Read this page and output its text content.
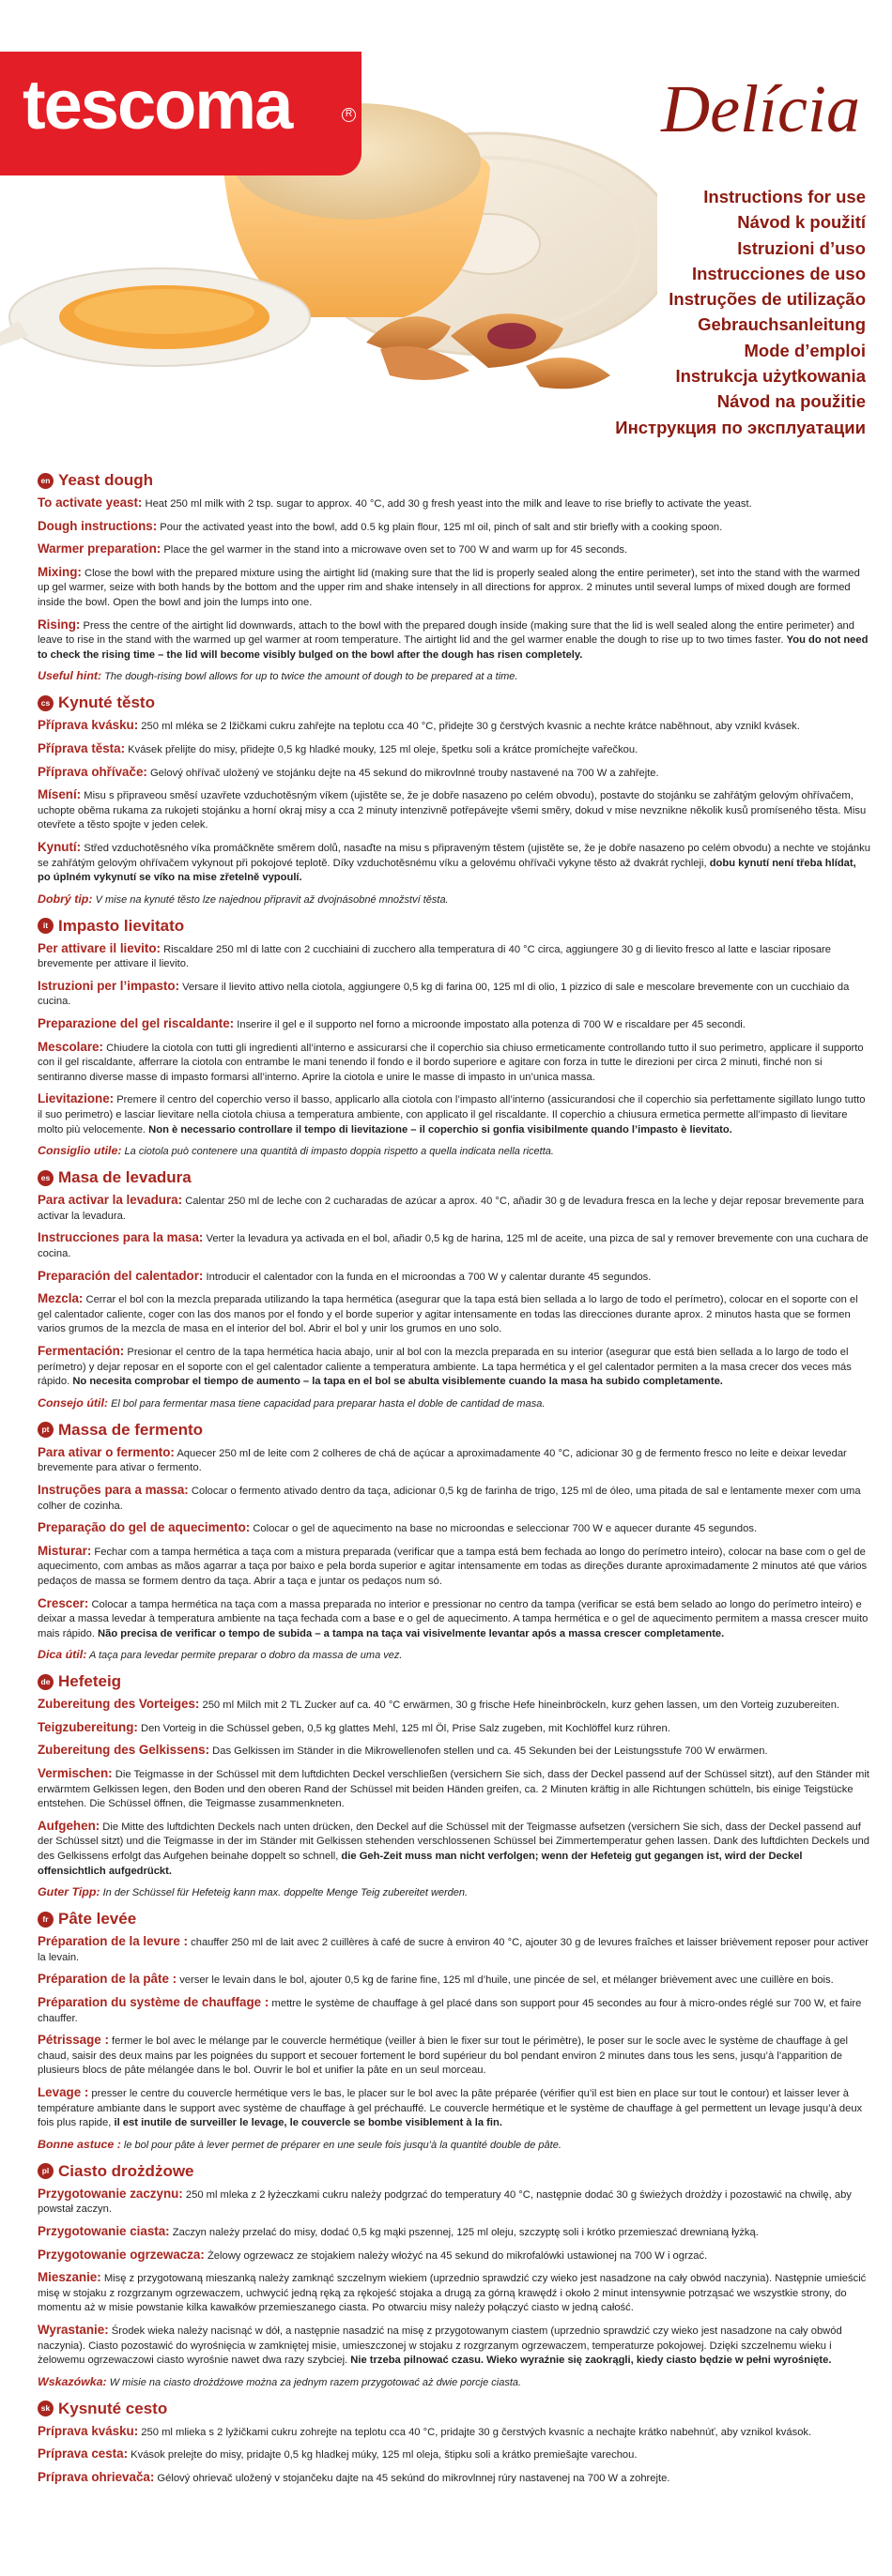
tescoma	R	Delícia
Instructions for use
Návod k použití
Istruzioni d’uso
Instrucciones de uso
Instruções de utilização
Gebrauchsanleitung
Mode d’emploi
Instrukcja użytkowania
Návod na použitie
Инструкция по эксплуатации
en Yeast dough
To activate yeast: Heat 250 ml milk with 2 tsp. sugar to approx. 40 °C, add 30 g fresh yeast into the milk and leave to rise briefly to activate the yeast.
Dough instructions: Pour the activated yeast into the bowl, add 0.5 kg plain flour, 125 ml oil, pinch of salt and stir briefly with a cooking spoon.
Warmer preparation: Place the gel warmer in the stand into a microwave oven set to 700 W and warm up for 45 seconds.
Mixing: Close the bowl with the prepared mixture using the airtight lid (making sure that the lid is properly sealed along the entire perimeter), set into the stand with the warmed up gel warmer, seize with both hands by the bottom and the upper rim and shake intensely in all directions for approx. 2 minutes until several lumps of mixed dough are formed inside the bowl. Open the bowl and join the lumps into one.
Rising: Press the centre of the airtight lid downwards, attach to the bowl with the prepared dough inside (making sure that the lid is well sealed along the entire perimeter) and leave to rise in the stand with the warmed up gel warmer at room temperature. The airtight lid and the gel warmer enable the dough to rise up to two times faster. You do not need to check the rising time – the lid will become visibly bulged on the bowl after the dough has risen completely.
Useful hint: The dough-rising bowl allows for up to twice the amount of dough to be prepared at a time.
cs Kynuté těsto
Příprava kvásku: 250 ml mléka se 2 lžičkami cukru zahřejte na teplotu cca 40 °C, přidejte 30 g čerstvých kvasnic a nechte krátce naběhnout, aby vznikl kvásek.
Příprava těsta: Kvásek přelijte do misy, přidejte 0,5 kg hladké mouky, 125 ml oleje, špetku soli a krátce promíchejte vařečkou.
Příprava ohřívače: Gelový ohřívač uložený ve stojánku dejte na 45 sekund do mikrovlnné trouby nastavené na 700 W a zahřejte.
Mísení: Misu s připraveou směsí uzavřete vzduchotěsným víkem (ujistěte se, že je dobře nasazeno po celém obvodu), postavte do stojánku se zahřátým gelovým ohřívačem, uchopte oběma rukama za rukojeti stojánku a horní okraj misy a cca 2 minuty intenzivně potřepávejte všemi směry, dokud v mise nevznikne několik kusů promíseného těsta. Misu otevřete a těsto spojte v jeden celek.
Kynutí: Střed vzduchotěsného víka promáčkněte směrem dolů, nasaďte na misu s připraveným těstem (ujistěte se, že je dobře nasazeno po celém obvodu) a nechte ve stojánku se zahřátým gelovým ohřívačem vykynout při pokojové teplotě. Díky vzduchotěsnému víku a gelovému ohřívači vykyne těsto až dvakrát rychleji, dobu kynutí není třeba hlídat, po úplném vykynutí se víko na mise zřetelně vypoulí.
Dobrý tip: V mise na kynuté těsto lze najednou připravit až dvojnásobné množství těsta.
it Impasto lievitato
Per attivare il lievito: Riscaldare 250 ml di latte con 2 cucchiaini di zucchero alla temperatura di 40 °C circa, aggiungere 30 g di lievito fresco al latte e lasciar riposare brevemente per attivare il lievito.
Istruzioni per l’impasto: Versare il lievito attivo nella ciotola, aggiungere 0,5 kg di farina 00, 125 ml di olio, 1 pizzico di sale e mescolare brevemente con un cucchiaio da cucina.
Preparazione del gel riscaldante: Inserire il gel e il supporto nel forno a microonde impostato alla potenza di 700 W e riscaldare per 45 secondi.
Mescolare: Chiudere la ciotola con tutti gli ingredienti all’interno e assicurarsi che il coperchio sia chiuso ermeticamente controllando tutto il suo perimetro, applicare il supporto con il gel riscaldante, afferrare la ciotola con entrambe le mani tenendo il fondo e il bordo superiore e agitare con forza in tutte le direzioni per circa 2 minuti, finché non si sentiranno diverse masse di impasto formarsi all’interno. Aprire la ciotola e unire le masse di impasto in un’unica massa.
Lievitazione: Premere il centro del coperchio verso il basso, applicarlo alla ciotola con l’impasto all’interno (assicurandosi che il coperchio sia perfettamente sigillato lungo tutto il suo perimetro) e lasciar lievitare nella ciotola chiusa a temperatura ambiente, con applicato il gel riscaldante. Il coperchio a chiusura ermetica permette all’impasto di lievitare molto più velocemente. Non è necessario controllare il tempo di lievitazione – il coperchio si gonfia visibilmente quando l’impasto è lievitato.
Consiglio utile: La ciotola può contenere una quantità di impasto doppia rispetto a quella indicata nella ricetta.
es Masa de levadura
Para activar la levadura: Calentar 250 ml de leche con 2 cucharadas de azúcar a aprox. 40 °C, añadir 30 g de levadura fresca en la leche y dejar reposar brevemente para activar la levadura.
Instrucciones para la masa: Verter la levadura ya activada en el bol, añadir 0,5 kg de harina, 125 ml de aceite, una pizca de sal y remover brevemente con una cuchara de cocina.
Preparación del calentador: Introducir el calentador con la funda en el microondas a 700 W y calentar durante 45 segundos.
Mezcla: Cerrar el bol con la mezcla preparada utilizando la tapa hermética (asegurar que la tapa está bien sellada a lo largo de todo el perímetro), colocar en el soporte con el gel calentador caliente, coger con las dos manos por el fondo y el borde superior y agitar intensamente en todas las direcciones durante aprox. 2 minutos hasta que se formen varios grumos de la mezcla de masa en el interior del bol. Abrir el bol y unir los grumos en uno solo.
Fermentación: Presionar el centro de la tapa hermética hacia abajo, unir al bol con la mezcla preparada en su interior (asegurar que está bien sellada a lo largo de todo el perímetro) y dejar reposar en el soporte con el gel calentador caliente a temperatura ambiente. La tapa hermética y el gel calentador permiten a la masa crecer dos veces más rápido. No necesita comprobar el tiempo de aumento – la tapa en el bol se abulta visiblemente cuando la masa ha subido completamente.
Consejo útil: El bol para fermentar masa tiene capacidad para preparar hasta el doble de cantidad de masa.
pt Massa de fermento
Para ativar o fermento: Aquecer 250 ml de leite com 2 colheres de chá de açúcar a aproximadamente 40 °C, adicionar 30 g de fermento fresco no leite e deixar levedar brevemente para ativar o fermento.
Instruções para a massa: Colocar o fermento ativado dentro da taça, adicionar 0,5 kg de farinha de trigo, 125 ml de óleo, uma pitada de sal e lentamente mexer com uma colher de cozinha.
Preparação do gel de aquecimento: Colocar o gel de aquecimento na base no microondas e seleccionar 700 W e aquecer durante 45 segundos.
Misturar: Fechar com a tampa hermética a taça com a mistura preparada (verificar que a tampa está bem fechada ao longo do perímetro inteiro), colocar na base com o gel de aquecimento, com ambas as mãos agarrar a taça por baixo e pela borda superior e agitar intensamente em todas as direções durante aproximadamente 2 minutos até que vários pedaços de massa se formem dentro da taça. Abrir a taça e juntar os pedaços num só.
Crescer: Colocar a tampa hermética na taça com a massa preparada no interior e pressionar no centro da tampa (verificar se está bem selado ao longo do perímetro inteiro) e deixar a massa levedar à temperatura ambiente na taça fechada com a base e o gel de aquecimento. A tampa hermética e o gel de aquecimento permitem a massa crescer muito mais rápido. Não precisa de verificar o tempo de subida – a tampa na taça vai visivelmente levantar após a massa crescer completamente.
Dica útil: A taça para levedar permite preparar o dobro da massa de uma vez.
de Hefeteig
Zubereitung des Vorteiges: 250 ml Milch mit 2 TL Zucker auf ca. 40 °C erwärmen, 30 g frische Hefe hineinbröckeln, kurz gehen lassen, um den Vorteig zuzubereiten.
Teigzubereitung: Den Vorteig in die Schüssel geben, 0,5 kg glattes Mehl, 125 ml Öl, Prise Salz zugeben, mit Kochlöffel kurz rühren.
Zubereitung des Gelkissens: Das Gelkissen im Ständer in die Mikrowellenofen stellen und ca. 45 Sekunden bei der Leistungsstufe 700 W erwärmen.
Vermischen: Die Teigmasse in der Schüssel mit dem luftdichten Deckel verschließen (versichern Sie sich, dass der Deckel passend auf der Schüssel sitzt), auf den Ständer mit erwärmtem Gelkissen legen, den Boden und den oberen Rand der Schüssel mit beiden Händen greifen, ca. 2 Minuten kräftig in alle Richtungen schütteln, bis einige Teigstücke entstehen. Die Schüssel öffnen, die Teigmasse zusammenkneten.
Aufgehen: Die Mitte des luftdichten Deckels nach unten drücken, den Deckel auf die Schüssel mit der Teigmasse aufsetzen (versichern Sie sich, dass der Deckel passend auf der Schüssel sitzt) und die Teigmasse in der im Ständer mit Gelkissen stehenden verschlossenen Schüssel bei Zimmertemperatur gehen lassen. Dank des luftdichten Deckels und des Gelkissens erfolgt das Aufgehen beinahe doppelt so schnell, die Geh-Zeit muss man nicht verfolgen; wenn der Hefeteig gut gegangen ist, wird der Deckel offensichtlich aufgedrückt.
Guter Tipp: In der Schüssel für Hefeteig kann max. doppelte Menge Teig zubereitet werden.
fr Pâte levée
Préparation de la levure : chauffer 250 ml de lait avec 2 cuillères à café de sucre à environ 40 °C, ajouter 30 g de levures fraîches et laisser brièvement reposer pour activer la levain.
Préparation de la pâte : verser le levain dans le bol, ajouter 0,5 kg de farine fine, 125 ml d’huile, une pincée de sel, et mélanger brièvement avec une cuillère en bois.
Préparation du système de chauffage : mettre le système de chauffage à gel placé dans son support pour 45 secondes au four à micro-ondes réglé sur 700 W, et faire chauffer.
Pétrissage : fermer le bol avec le mélange par le couvercle hermétique (veiller à bien le fixer sur tout le périmètre), le poser sur le socle avec le système de chauffage à gel chaud, saisir des deux mains par les poignées du support et secouer fortement le bord supérieur du bol pendant environ 2 minutes dans tous les sens, jusqu’à l’apparition de plusieurs blocs de pâte mélangée dans le bol. Ouvrir le bol et unifier la pâte en un seul morceau.
Levage : presser le centre du couvercle hermétique vers le bas, le placer sur le bol avec la pâte préparée (vérifier qu’il est bien en place sur tout le contour) et laisser lever à température ambiante dans le support avec système de chauffage à gel préchauffé. Le couvercle hermétique et le système de chauffage à gel permettent un levage jusqu’à deux fois plus rapide, il est inutile de surveiller le levage, le couvercle se bombe visiblement à la fin.
Bonne astuce : le bol pour pâte à lever permet de préparer en une seule fois jusqu’à la quantité double de pâte.
pl Ciasto drożdżowe
Przygotowanie zaczynu: 250 ml mleka z 2 łyżeczkami cukru należy podgrzać do temperatury 40 °C, następnie dodać 30 g świeżych drożdży i pozostawić na chwilę, aby powstał zaczyn.
Przygotowanie ciasta: Zaczyn należy przelać do misy, dodać 0,5 kg mąki pszennej, 125 ml oleju, szczyptę soli i krótko przemieszać drewnianą łyżką.
Przygotowanie ogrzewacza: Żelowy ogrzewacz ze stojakiem należy włożyć na 45 sekund do mikrofalówki ustawionej na 700 W i ogrzać.
Mieszanie: Misę z przygotowaną mieszanką należy zamknąć szczelnym wiekiem (uprzednio sprawdzić czy wieko jest nasadzone na cały obwód naczynia). Następnie umieścić misę w stojaku z rozgrzanym ogrzewaczem, uchwycić jedną ręką za rękojeść stojaka a drugą za górną krawędź i około 2 minut intensywnie potrząsać we wszystkie strony, do momentu aż w misie powstanie kilka kawałków przemieszanego ciasta. Po otwarciu misy należy połączyć ciasto w jedną całość.
Wyrastanie: Środek wieka należy nacisnąć w dół, a następnie nasadzić na misę z przygotowanym ciastem (uprzednio sprawdzić czy wieko jest nasadzone na cały obwód naczynia). Ciasto pozostawić do wyrośnięcia w zamkniętej misie, umieszczonej w stojaku z rozgrzanym ogrzewaczem, temperaturze pokojowej. Dzięki szczelnemu wieku i żelowemu ogrzewaczowi ciasto wyrośnie nawet dwa razy szybciej. Nie trzeba pilnować czasu. Wieko wyraźnie się zaokrągli, kiedy ciasto będzie w pełni wyrośnięte.
Wskazówka: W misie na ciasto drożdżowe można za jednym razem przygotować aż dwie porcje ciasta.
sk Kysnuté cesto
Príprava kvásku: 250 ml mlieka s 2 lyžičkami cukru zohrejte na teplotu cca 40 °C, pridajte 30 g čerstvých kvasníc a nechajte krátko nabehnúť, aby vznikol kvások.
Príprava cesta: Kvások prelejte do misy, pridajte 0,5 kg hladkej múky, 125 ml oleja, štipku soli a krátko premiešajte varechou.
Príprava ohrievača: Gélový ohrievač uložený v stojančeku dajte na 45 sekúnd do mikrovlnnej rúry nastavenej na 700 W a zohrejte.
